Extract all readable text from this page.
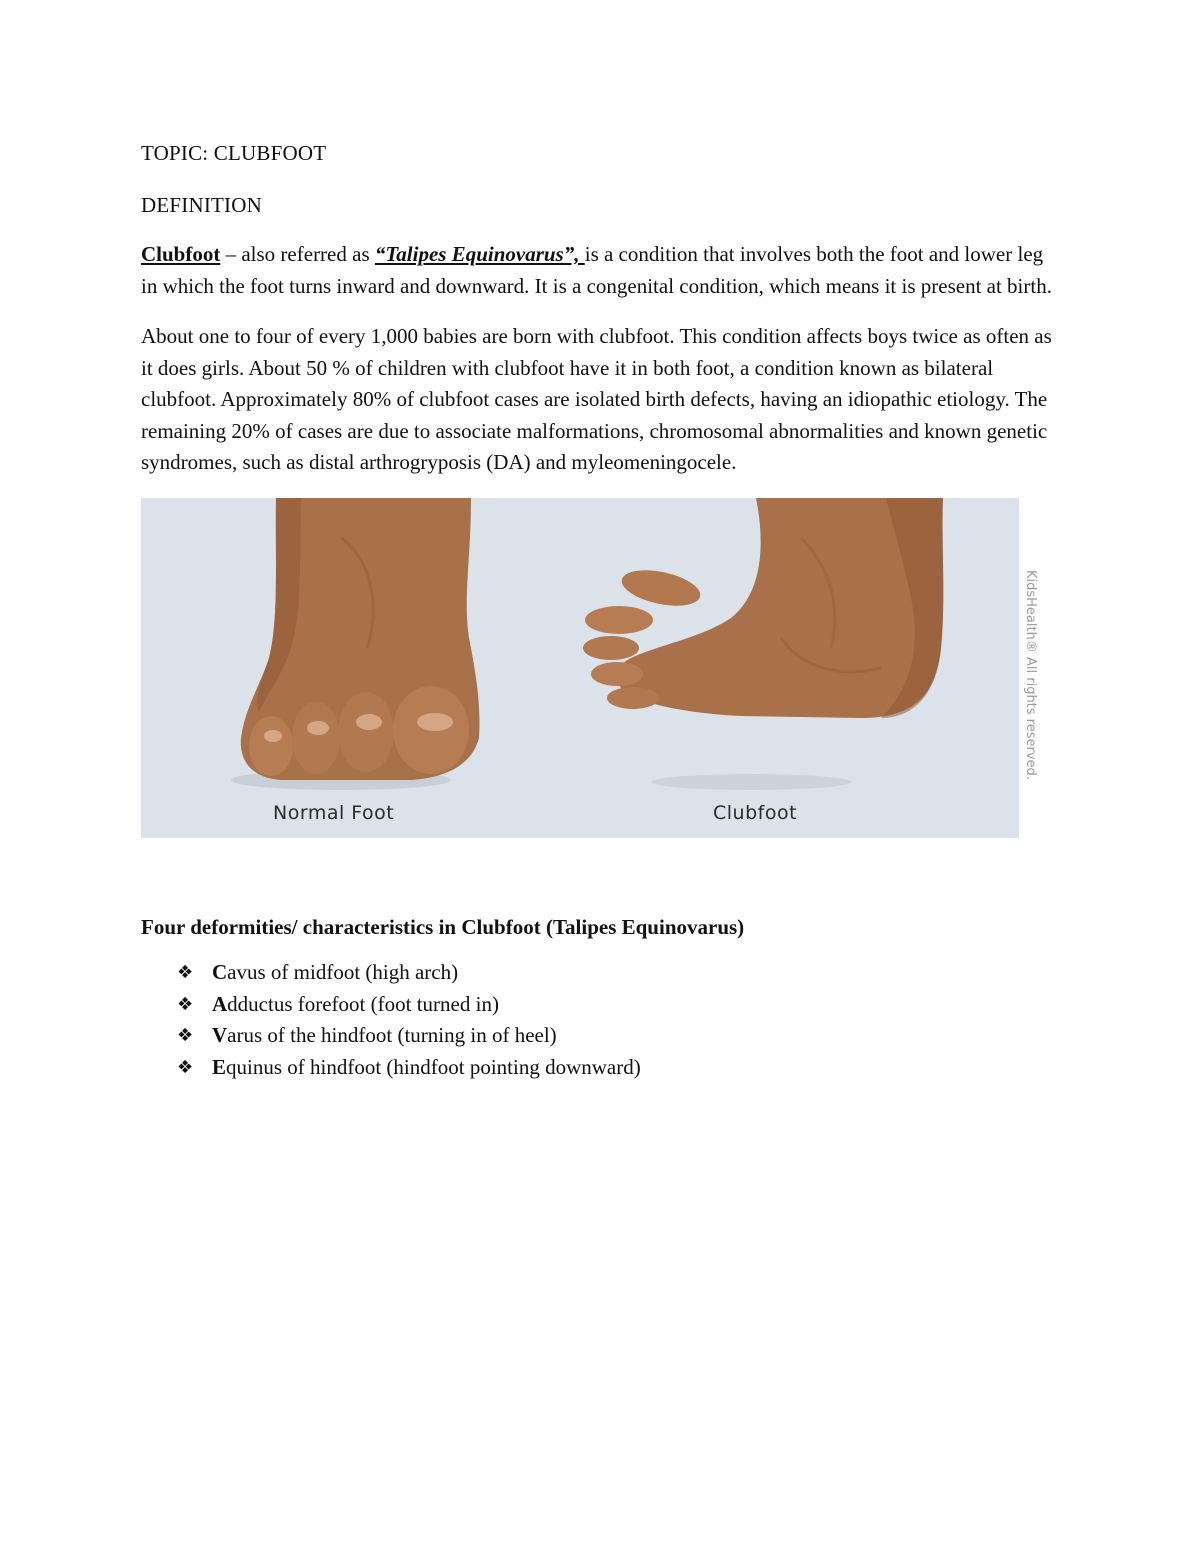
TOPIC: CLUBFOOT
DEFINITION

Clubfoot – also referred as “Talipes Equinovarus”, is a condition that involves both the foot and lower leg in which the foot turns inward and downward. It is a congenital condition, which means it is present at birth.

About one to four of every 1,000 babies are born with clubfoot. This condition affects boys twice as often as it does girls. About 50 % of children with clubfoot have it in both foot, a condition known as bilateral clubfoot. Approximately 80% of clubfoot cases are isolated birth defects, having an idiopathic etiology. The remaining 20% of cases are due to associate malformations, chromosomal abnormalities and known genetic syndromes, such as distal arthrogryposis (DA) and myleomeningocele.

Normal Foot	Clubfoot
Four deformities/ characteristics in Clubfoot (Talipes Equinovarus)
❖ Cavus of midfoot (high arch)
❖ Adductus forefoot (foot turned in)
❖ Varus of the hindfoot (turning in of heel)
❖ Equinus of hindfoot (hindfoot pointing downward)
KidsHealth® All rights reserved.
